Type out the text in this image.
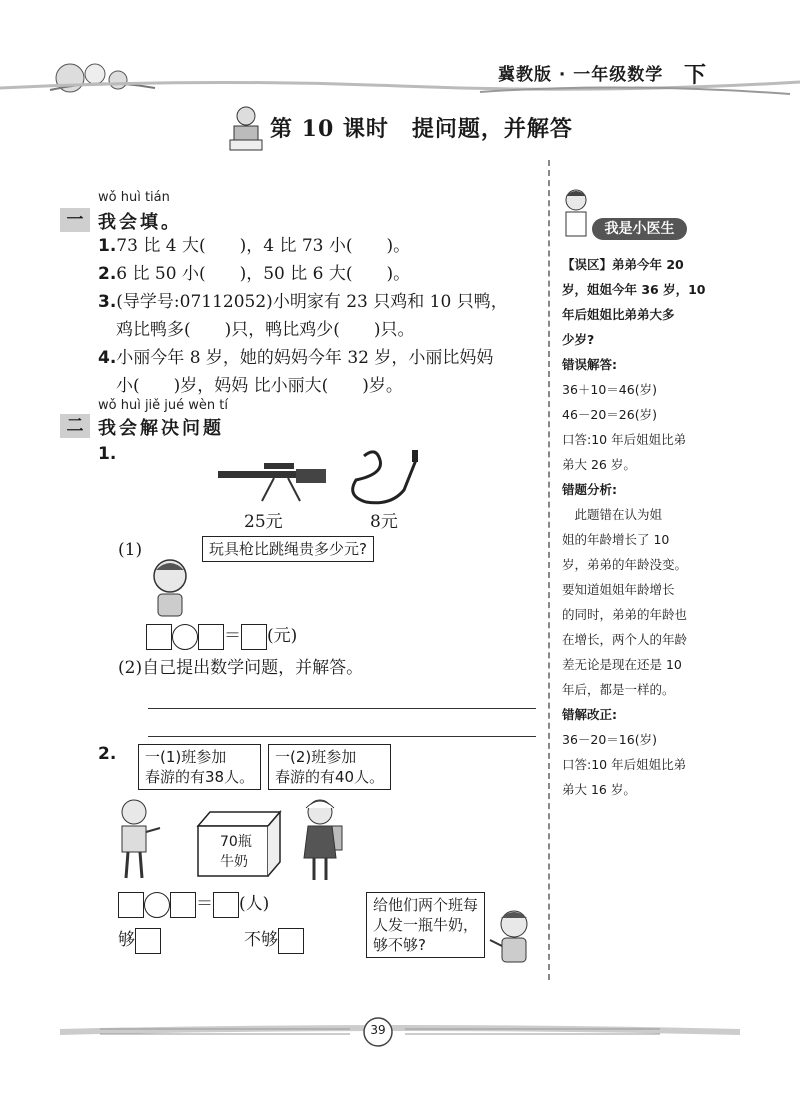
冀教版 · 一年级数学 下
第 10 课时　提问题，并解答
wǒ huì tián
一 我会填。
1.73 比 4 大(　　)，4 比 73 小(　　)。
2.6 比 50 小(　　)，50 比 6 大(　　)。
3.(导学号:07112052)小明家有 23 只鸡和 10 只鸭，
鸡比鸭多(　　)只，鸭比鸡少(　　)只。
4.小丽今年 8 岁，她的妈妈今年 32 岁，小丽比妈妈
小(　　)岁，妈妈 比小丽大(　　)岁。
wǒ huì jiě jué wèn tí
二 我会解决问题
1.
25元	8元
(1)	玩具枪比跳绳贵多少元?
＝ (元)
(2)自己提出数学问题，并解答。
2. 一(1)班参加
春游的有38人。
一(2)班参加
春游的有40人。
70瓶
牛奶
＝ (人)
够	不够
给他们两个班每
人发一瓶牛奶，
够不够?
我是小医生
【误区】弟弟今年 20
岁，姐姐今年 36 岁，10
年后姐姐比弟弟大多
少岁?
错误解答:
36＋10＝46(岁)
46－20＝26(岁)
口答:10 年后姐姐比弟
弟大 26 岁。
错题分析:
　此题错在认为姐
姐的年龄增长了 10
岁，弟弟的年龄没变。
要知道姐姐年龄增长
的同时，弟弟的年龄也
在增长，两个人的年龄
差无论是现在还是 10
年后，都是一样的。
错解改正:
36－20＝16(岁)
口答:10 年后姐姐比弟
弟大 16 岁。
39
